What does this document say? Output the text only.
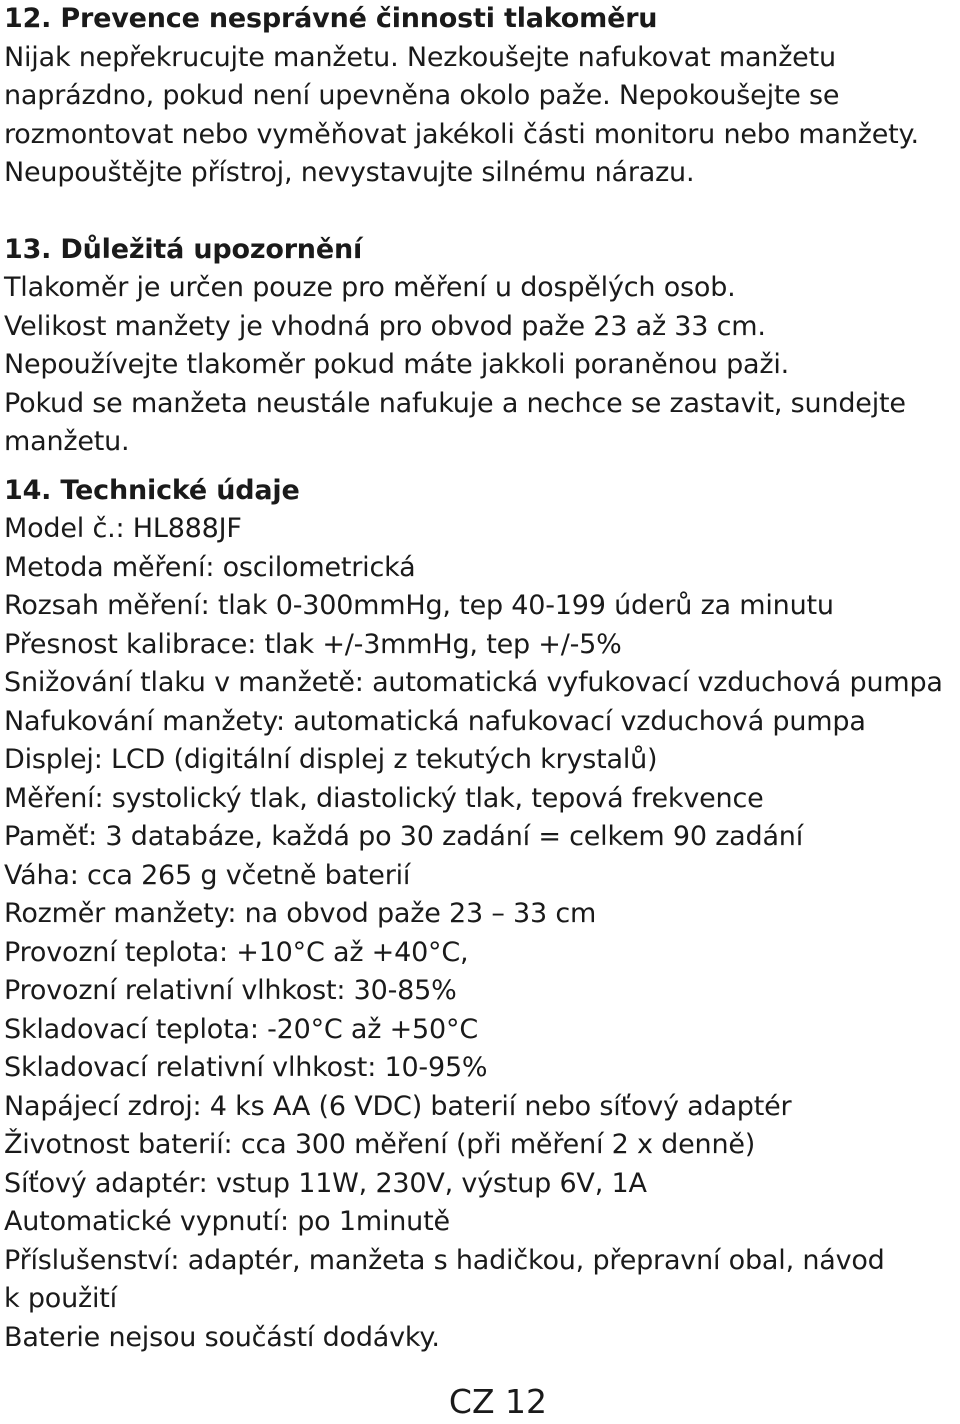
12. Prevence nesprávné činnosti tlakoměru
Nijak nepřekrucujte manžetu. Nezkoušejte nafukovat manžetu
naprázdno, pokud není upevněna okolo paže. Nepokoušejte se
rozmontovat nebo vyměňovat jakékoli části monitoru nebo manžety.
Neupouštějte přístroj, nevystavujte silnému nárazu.
13. Důležitá upozornění
Tlakoměr je určen pouze pro měření u dospělých osob.
Velikost manžety je vhodná pro obvod paže 23 až 33 cm.
Nepoužívejte tlakoměr pokud máte jakkoli poraněnou paži.
Pokud se manžeta neustále nafukuje a nechce se zastavit, sundejte
manžetu.
14. Technické údaje
Model č.: HL888JF
Metoda měření: oscilometrická
Rozsah měření: tlak 0-300mmHg, tep 40-199 úderů za minutu
Přesnost kalibrace: tlak +/-3mmHg, tep +/-5%
Snižování tlaku v manžetě: automatická vyfukovací vzduchová pumpa
Nafukování manžety: automatická nafukovací vzduchová pumpa
Displej: LCD (digitální displej z tekutých krystalů)
Měření: systolický tlak, diastolický tlak, tepová frekvence
Paměť: 3 databáze, každá po 30 zadání = celkem 90 zadání
Váha: cca 265 g včetně baterií
Rozměr manžety: na obvod paže 23 – 33 cm
Provozní teplota: +10°C až +40°C,
Provozní relativní vlhkost: 30-85%
Skladovací teplota: -20°C až +50°C
Skladovací relativní vlhkost: 10-95%
Napájecí zdroj: 4 ks AA (6 VDC) baterií nebo síťový adaptér
Životnost baterií: cca 300 měření (při měření 2 x denně)
Síťový adaptér: vstup 11W, 230V, výstup 6V, 1A
Automatické vypnutí: po 1minutě
Příslušenství: adaptér, manžeta s hadičkou, přepravní obal, návod
k použití
Baterie nejsou součástí dodávky.
CZ 12
